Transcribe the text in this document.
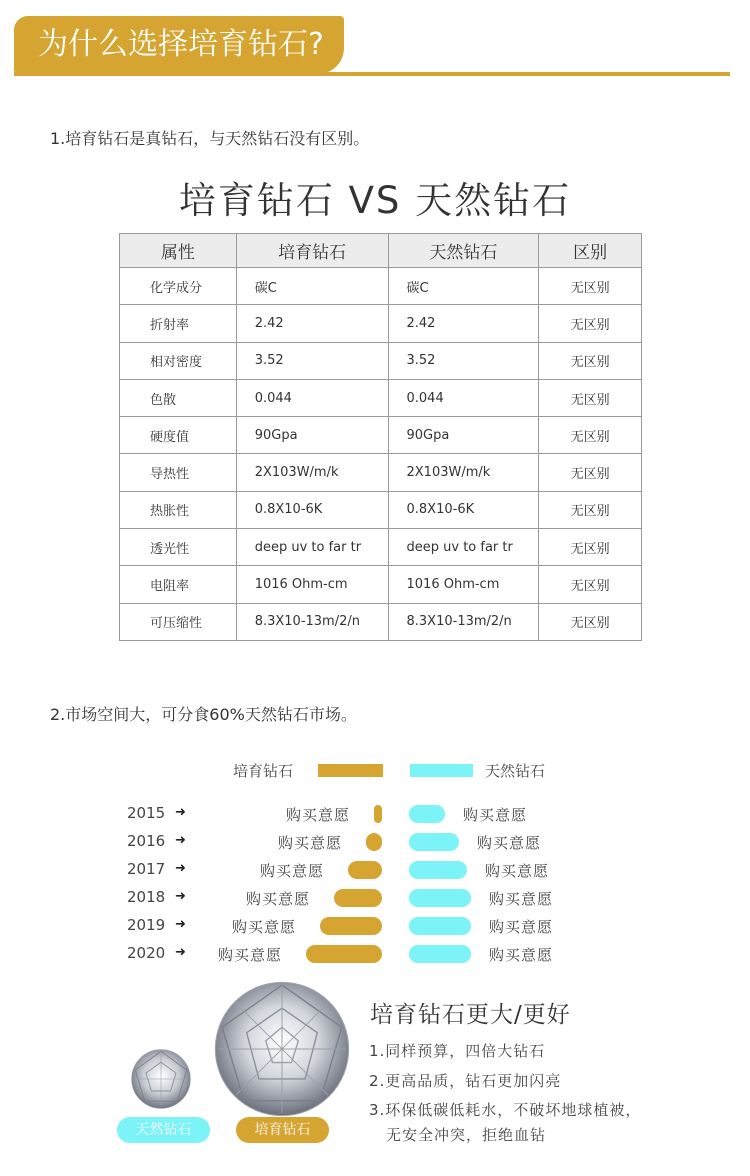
为什么选择培育钻石?
1.培育钻石是真钻石，与天然钻石没有区别。
培育钻石 VS 天然钻石
属性	培育钻石	天然钻石	区别
化学成分	碳C	碳C	无区别
折射率	2.42	2.42	无区别
相对密度	3.52	3.52	无区别
色散	0.044	0.044	无区别
硬度值	90Gpa	90Gpa	无区别
导热性	2X103W/m/k	2X103W/m/k	无区别
热胀性	0.8X10-6K	0.8X10-6K	无区别
透光性	deep uv to far tr	deep uv to far tr	无区别
电阻率	1016 Ohm-cm	1016 Ohm-cm	无区别
可压缩性	8.3X10-13m/2/n	8.3X10-13m/2/n	无区别
2.市场空间大，可分食60%天然钻石市场。
培育钻石	天然钻石
2015 ➜	购买意愿	购买意愿
2016 ➜	购买意愿	购买意愿
2017 ➜	购买意愿	购买意愿
2018 ➜	购买意愿	购买意愿
2019 ➜	购买意愿	购买意愿
2020 ➜ 购买意愿	购买意愿
天然钻石	培育钻石
培育钻石更大/更好
1.同样预算，四倍大钻石
2.更高品质，钻石更加闪亮
3.环保低碳低耗水，不破坏地球植被，
无安全冲突，拒绝血钻
